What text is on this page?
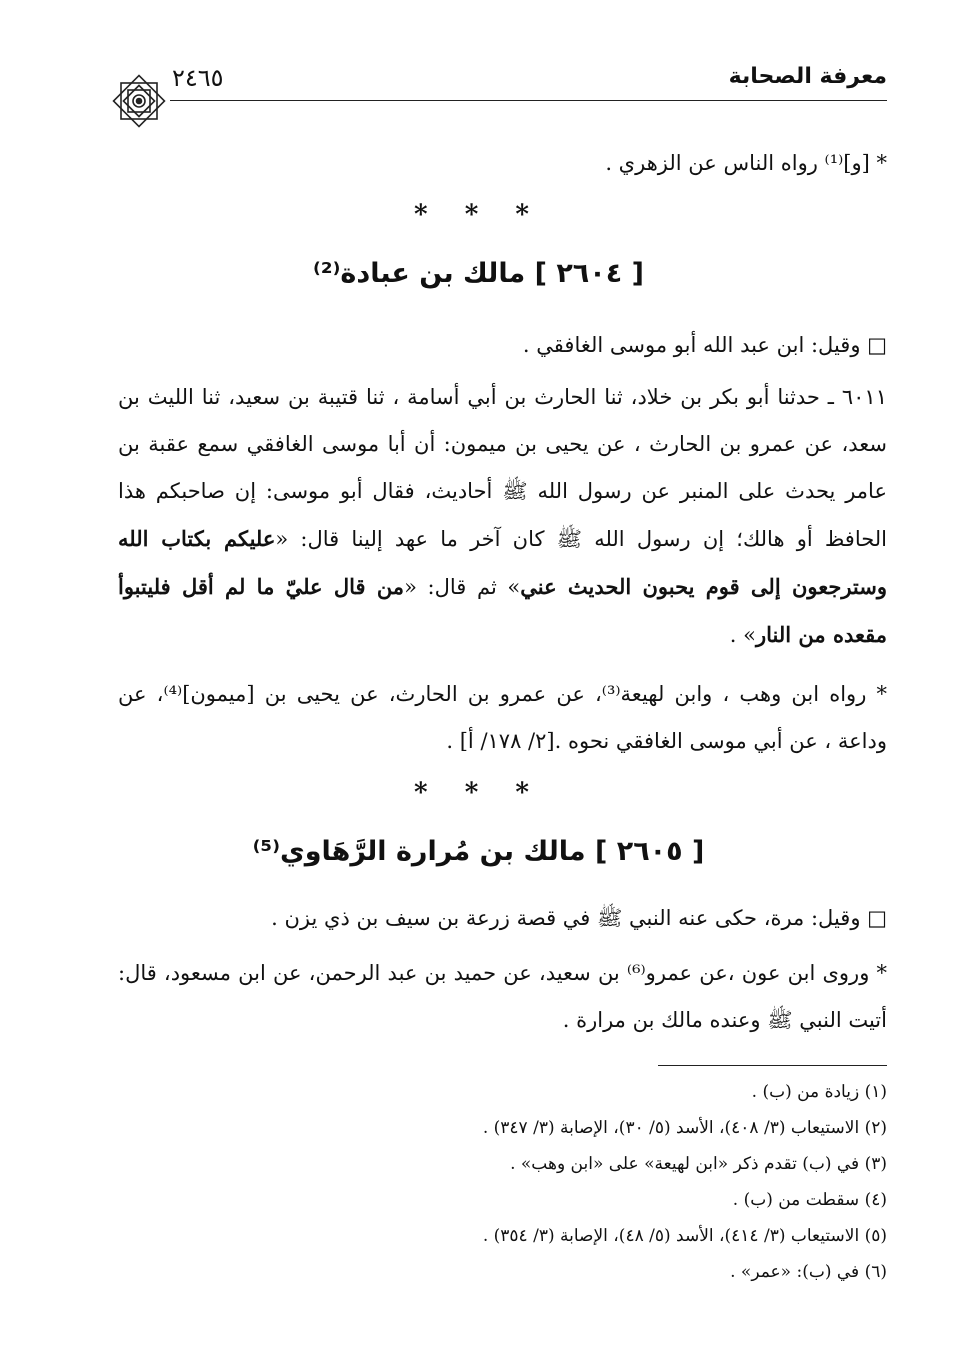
معرفة الصحابة
٢٤٦٥
* [و]⁽¹⁾ رواه الناس عن الزهري .
* * *
[ ٢٦٠٤ ] مالك بن عبادة⁽²⁾
□ وقيل: ابن عبد الله أبو موسى الغافقي .
٦٠١١ ـ حدثنا أبو بكر بن خلاد، ثنا الحارث بن أبي أسامة ، ثنا قتيبة بن سعيد، ثنا الليث بن سعد، عن عمرو بن الحارث ، عن يحيى بن ميمون: أن أبا موسى الغافقي سمع عقبة بن عامر يحدث على المنبر عن رسول الله ﷺ أحاديث، فقال أبو موسى: إن صاحبكم هذا الحافظ أو هالك؛ إن رسول الله ﷺ كان آخر ما عهد إلينا قال: «عليكم بكتاب الله وسترجعون إلى قوم يحبون الحديث عني» ثم قال: «من قال عليّ ما لم أقل فليتبوأ مقعده من النار» .
* رواه ابن وهب ، وابن لهيعة⁽³⁾، عن عمرو بن الحارث، عن يحيى بن [ميمون]⁽⁴⁾، عن وداعة ، عن أبي موسى الغافقي نحوه .[٢/ ١٧٨/ أ] .
* * *
[ ٢٦٠٥ ] مالك بن مُرارة الرَّهَاوي⁽⁵⁾
□ وقيل: مرة، حكى عنه النبي ﷺ في قصة زرعة بن سيف بن ذي يزن .
* وروى ابن عون ،عن عمرو⁽⁶⁾ بن سعيد، عن حميد بن عبد الرحمن، عن ابن مسعود، قال: أتيت النبي ﷺ وعنده مالك بن مرارة .
(١) زيادة من (ب) .
(٢) الاستيعاب (٣/ ٤٠٨)، الأسد (٥/ ٣٠)، الإصابة (٣/ ٣٤٧) .
(٣) في (ب) تقدم ذكر «ابن لهيعة» على «ابن وهب» .
(٤) سقطت من (ب) .
(٥) الاستيعاب (٣/ ٤١٤)، الأسد (٥/ ٤٨)، الإصابة (٣/ ٣٥٤) .
(٦) في (ب): «عمر» .
